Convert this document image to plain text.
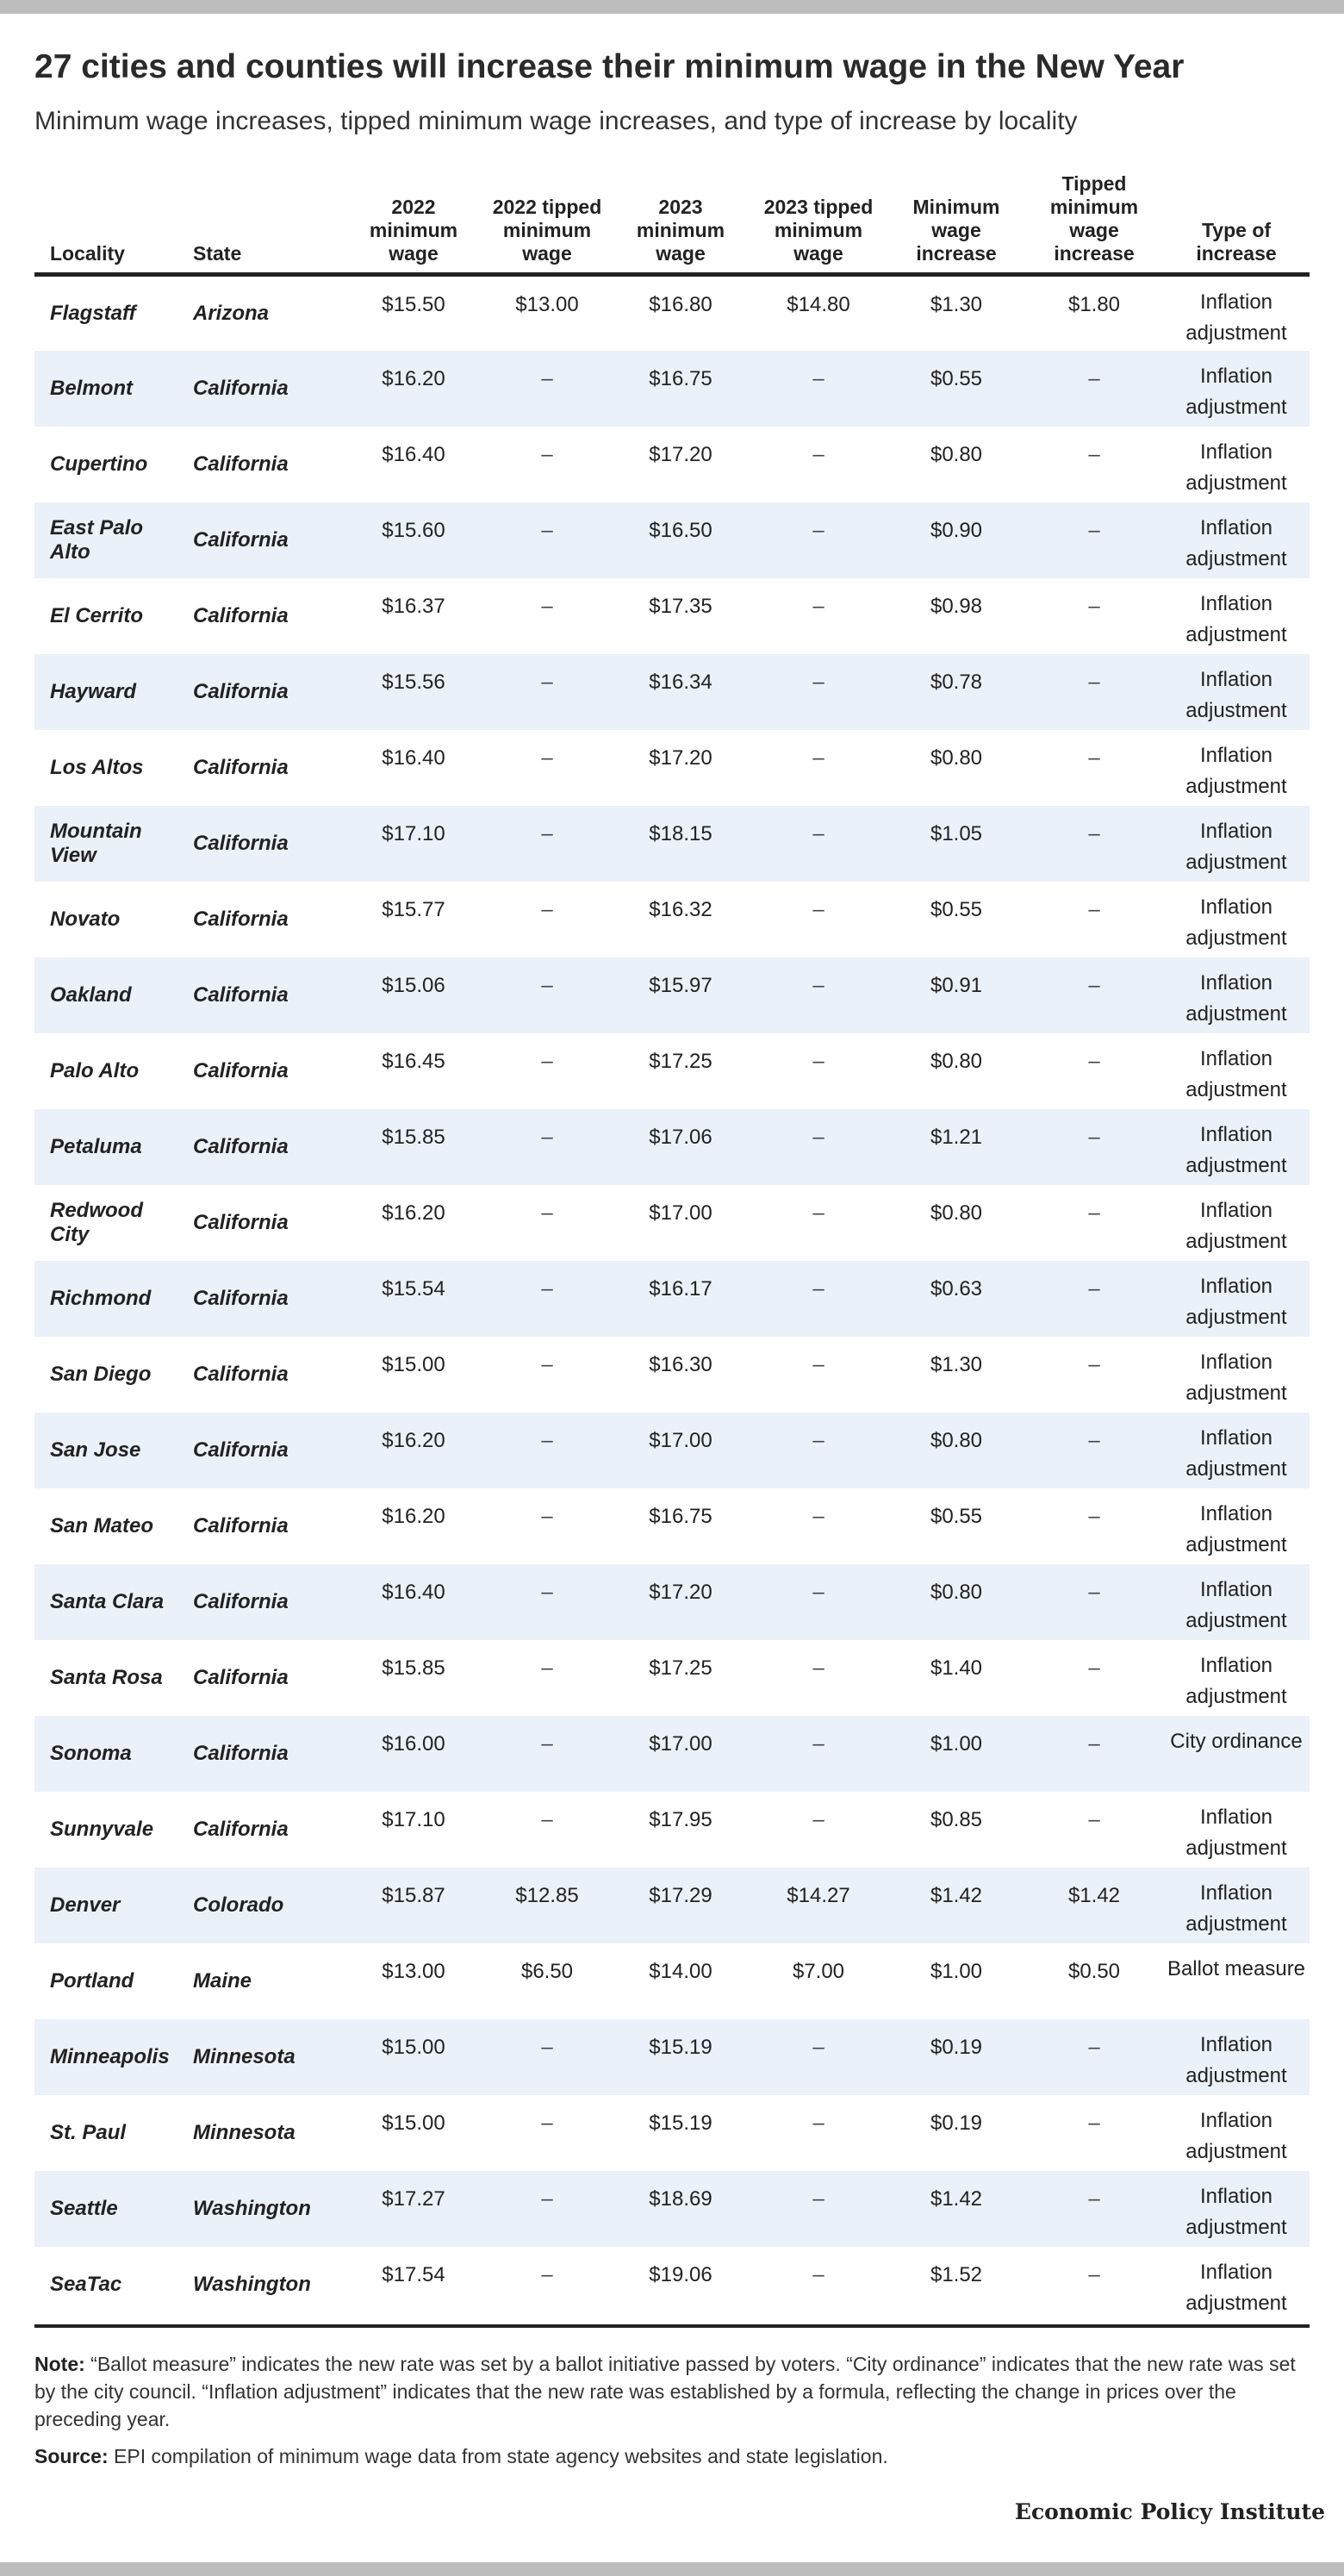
27 cities and counties will increase their minimum wage in the New Year
Minimum wage increases, tipped minimum wage increases, and type of increase by locality
Locality	State	2022 minimum wage	2022 tipped minimum wage	2023 minimum wage	2023 tipped minimum wage	Minimum wage increase	Tipped minimum wage increase	Type of increase
Flagstaff	Arizona	$15.50	$13.00	$16.80	$14.80	$1.30	$1.80	Inflation adjustment
Belmont	California	$16.20	–	$16.75	–	$0.55	–	Inflation adjustment
Cupertino	California	$16.40	–	$17.20	–	$0.80	–	Inflation adjustment
East Palo Alto	California	$15.60	–	$16.50	–	$0.90	–	Inflation adjustment
El Cerrito	California	$16.37	–	$17.35	–	$0.98	–	Inflation adjustment
Hayward	California	$15.56	–	$16.34	–	$0.78	–	Inflation adjustment
Los Altos	California	$16.40	–	$17.20	–	$0.80	–	Inflation adjustment
Mountain View	California	$17.10	–	$18.15	–	$1.05	–	Inflation adjustment
Novato	California	$15.77	–	$16.32	–	$0.55	–	Inflation adjustment
Oakland	California	$15.06	–	$15.97	–	$0.91	–	Inflation adjustment
Palo Alto	California	$16.45	–	$17.25	–	$0.80	–	Inflation adjustment
Petaluma	California	$15.85	–	$17.06	–	$1.21	–	Inflation adjustment
Redwood City	California	$16.20	–	$17.00	–	$0.80	–	Inflation adjustment
Richmond	California	$15.54	–	$16.17	–	$0.63	–	Inflation adjustment
San Diego	California	$15.00	–	$16.30	–	$1.30	–	Inflation adjustment
San Jose	California	$16.20	–	$17.00	–	$0.80	–	Inflation adjustment
San Mateo	California	$16.20	–	$16.75	–	$0.55	–	Inflation adjustment
Santa Clara	California	$16.40	–	$17.20	–	$0.80	–	Inflation adjustment
Santa Rosa	California	$15.85	–	$17.25	–	$1.40	–	Inflation adjustment
Sonoma	California	$16.00	–	$17.00	–	$1.00	–	City ordinance
Sunnyvale	California	$17.10	–	$17.95	–	$0.85	–	Inflation adjustment
Denver	Colorado	$15.87	$12.85	$17.29	$14.27	$1.42	$1.42	Inflation adjustment
Portland	Maine	$13.00	$6.50	$14.00	$7.00	$1.00	$0.50	Ballot measure
Minneapolis	Minnesota	$15.00	–	$15.19	–	$0.19	–	Inflation adjustment
St. Paul	Minnesota	$15.00	–	$15.19	–	$0.19	–	Inflation adjustment
Seattle	Washington	$17.27	–	$18.69	–	$1.42	–	Inflation adjustment
SeaTac	Washington	$17.54	–	$19.06	–	$1.52	–	Inflation adjustment
Note: “Ballot measure” indicates the new rate was set by a ballot initiative passed by voters. “City ordinance” indicates that the new rate was set by the city council. “Inflation adjustment” indicates that the new rate was established by a formula, reflecting the change in prices over the preceding year.
Source: EPI compilation of minimum wage data from state agency websites and state legislation.
Economic Policy Institute
